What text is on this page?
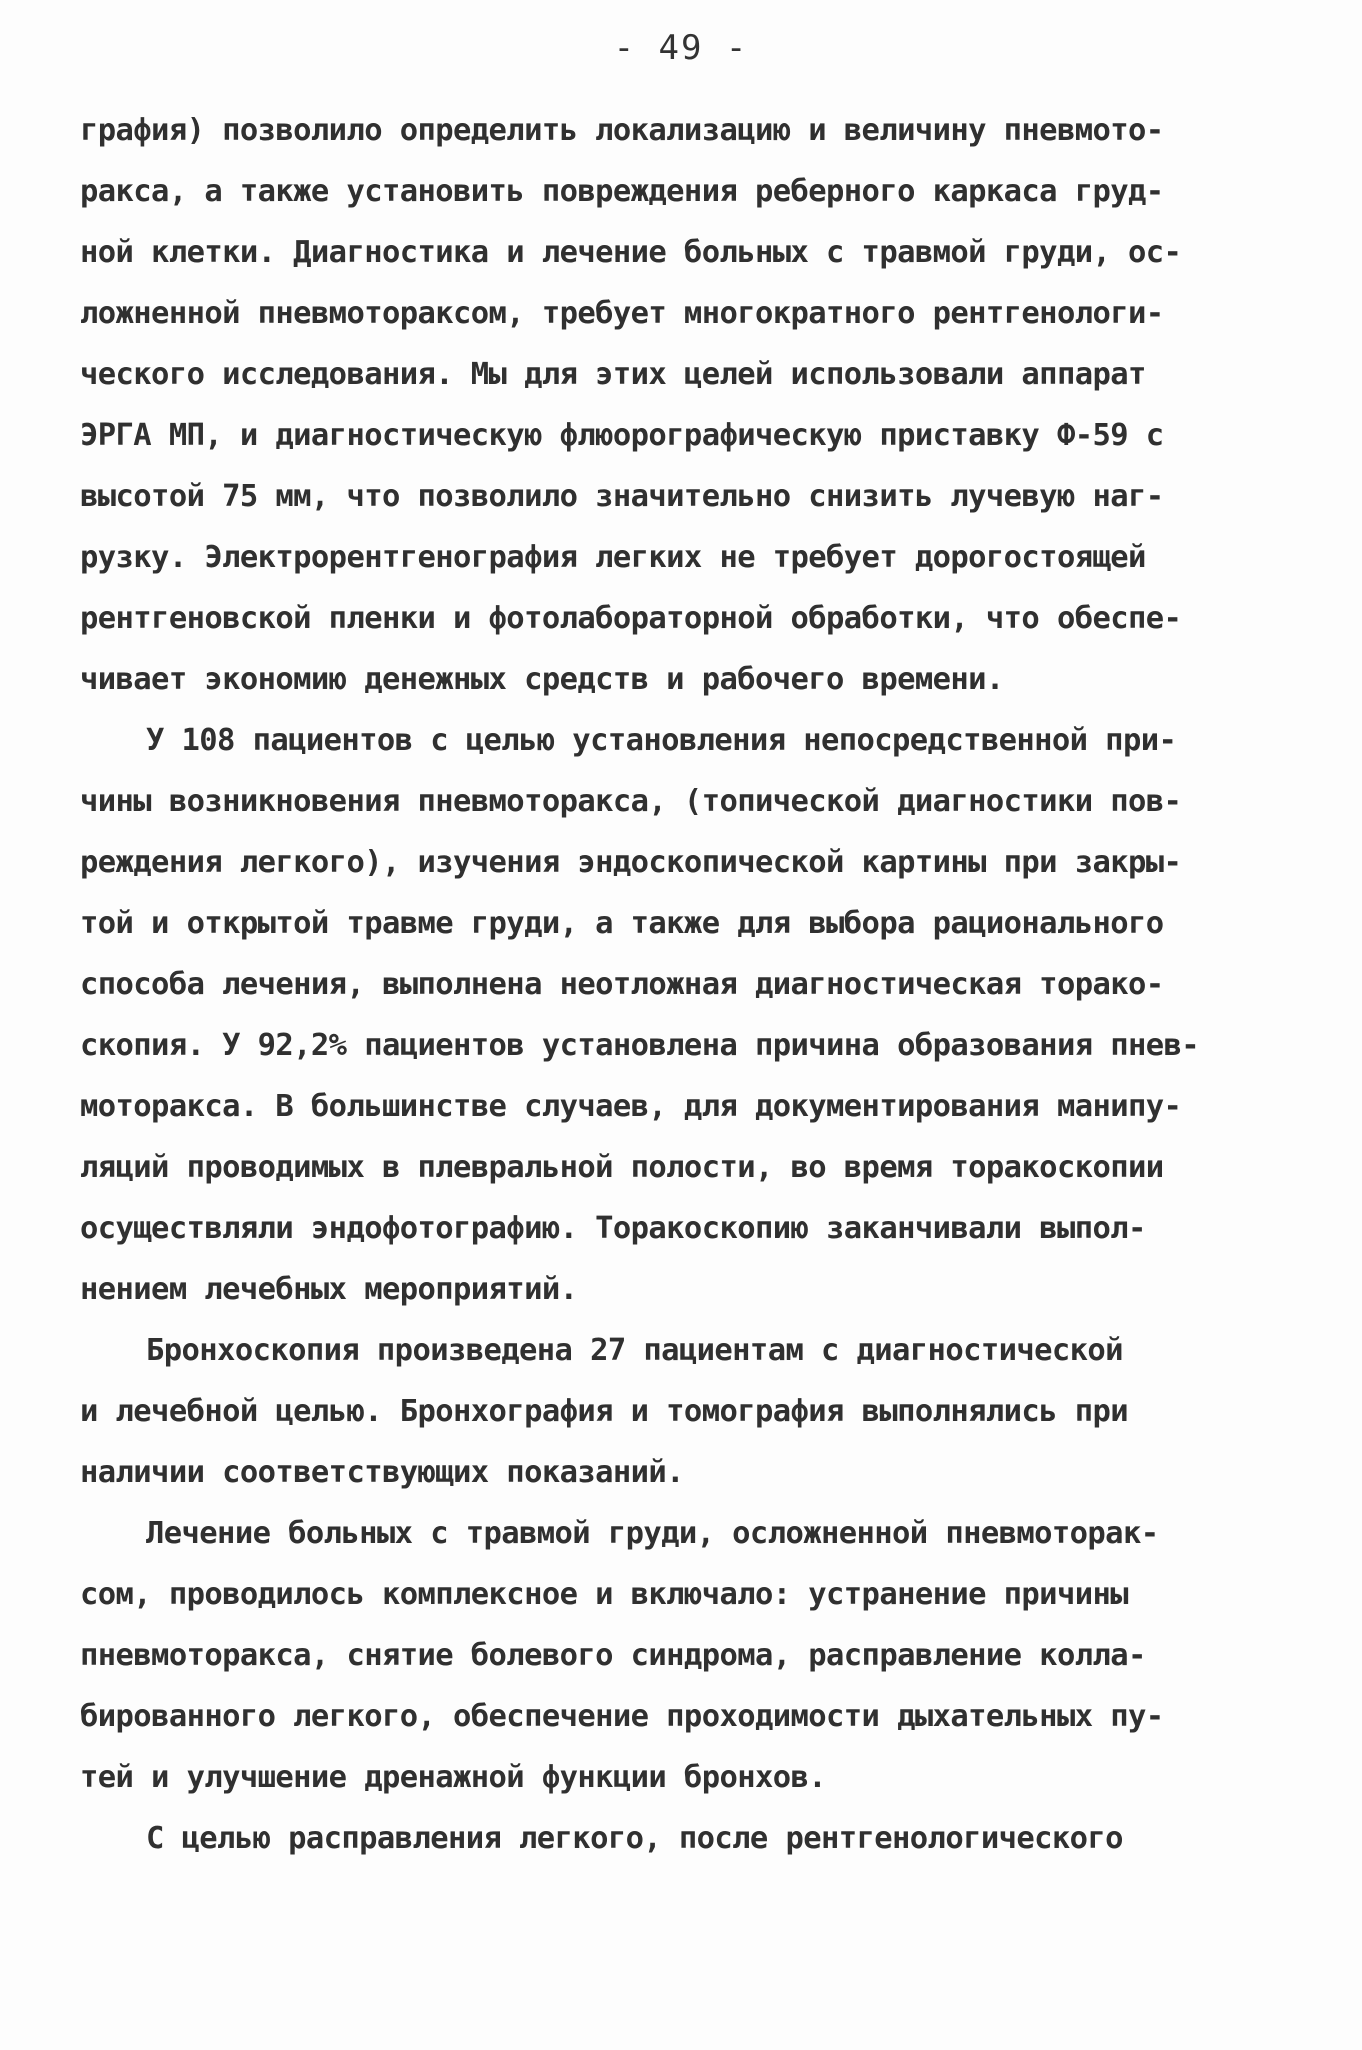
- 49 -
графия) позволило определить локализацию и величину пневмото-
ракса, а также установить повреждения реберного каркаса груд-
ной клетки. Диагностика и лечение больных с травмой груди, ос-
ложненной пневмотораксом, требует многократного рентгенологи-
ческого исследования. Мы для этих целей использовали аппарат
ЭРГА МП, и диагностическую флюорографическую приставку Ф-59 с
высотой 75 мм, что позволило значительно снизить лучевую наг-
рузку. Электрорентгенография легких не требует дорогостоящей
рентгеновской пленки и фотолабораторной обработки, что обеспе-
чивает экономию денежных средств и рабочего времени.
У 108 пациентов с целью установления непосредственной при-
чины возникновения пневмоторакса, (топической диагностики пов-
реждения легкого), изучения эндоскопической картины при закры-
той и открытой травме груди, а также для выбора рационального
способа лечения, выполнена неотложная диагностическая торако-
скопия. У 92,2% пациентов установлена причина образования пнев-
моторакса. В большинстве случаев, для документирования манипу-
ляций проводимых в плевральной полости, во время торакоскопии
осуществляли эндофотографию. Торакоскопию заканчивали выпол-
нением лечебных мероприятий.
Бронхоскопия произведена 27 пациентам с диагностической
и лечебной целью. Бронхография и томография выполнялись при
наличии соответствующих показаний.
Лечение больных с травмой груди, осложненной пневмоторак-
сом, проводилось комплексное и включало: устранение причины
пневмоторакса, снятие болевого синдрома, расправление колла-
бированного легкого, обеспечение проходимости дыхательных пу-
тей и улучшение дренажной функции бронхов.
С целью расправления легкого, после рентгенологического
